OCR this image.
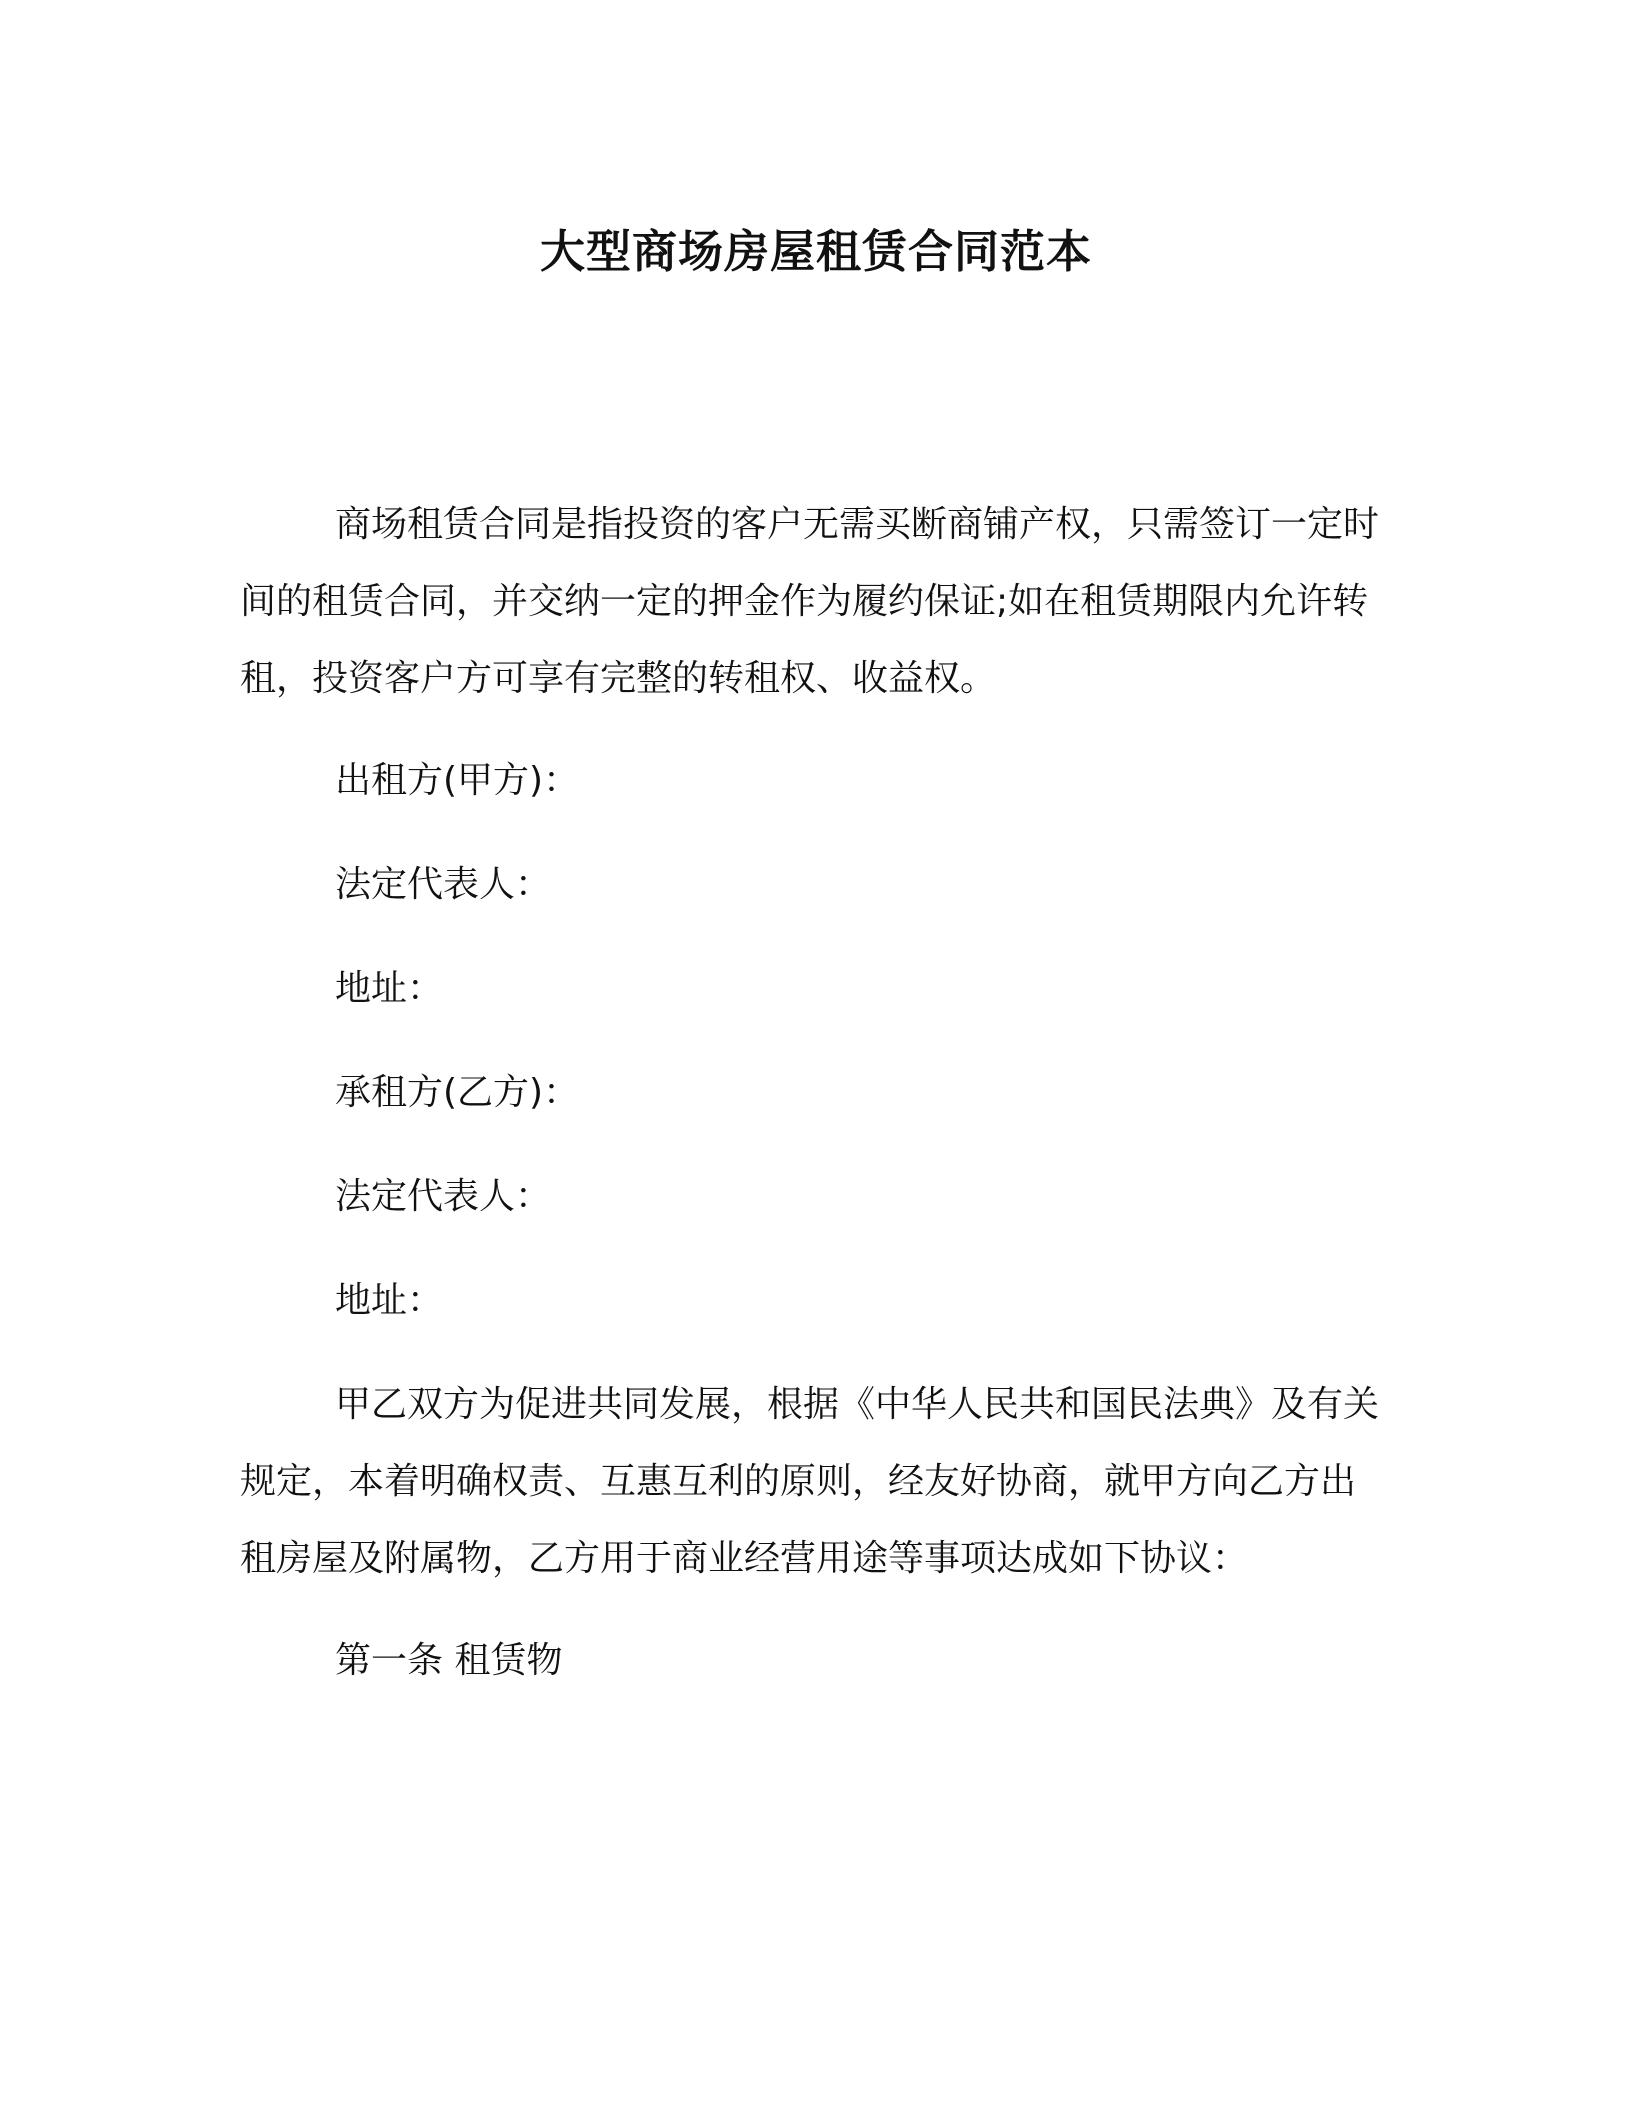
大型商场房屋租赁合同范本

商场租赁合同是指投资的客户无需买断商铺产权，只需签订一定时间的租赁合同，并交纳一定的押金作为履约保证;如在租赁期限内允许转租，投资客户方可享有完整的转租权、收益权。

出租方(甲方)：

法定代表人：

地址：

承租方(乙方)：

法定代表人：

地址：

甲乙双方为促进共同发展，根据《中华人民共和国民法典》及有关规定，本着明确权责、互惠互利的原则，经友好协商，就甲方向乙方出租房屋及附属物，乙方用于商业经营用途等事项达成如下协议：

第一条 租赁物
